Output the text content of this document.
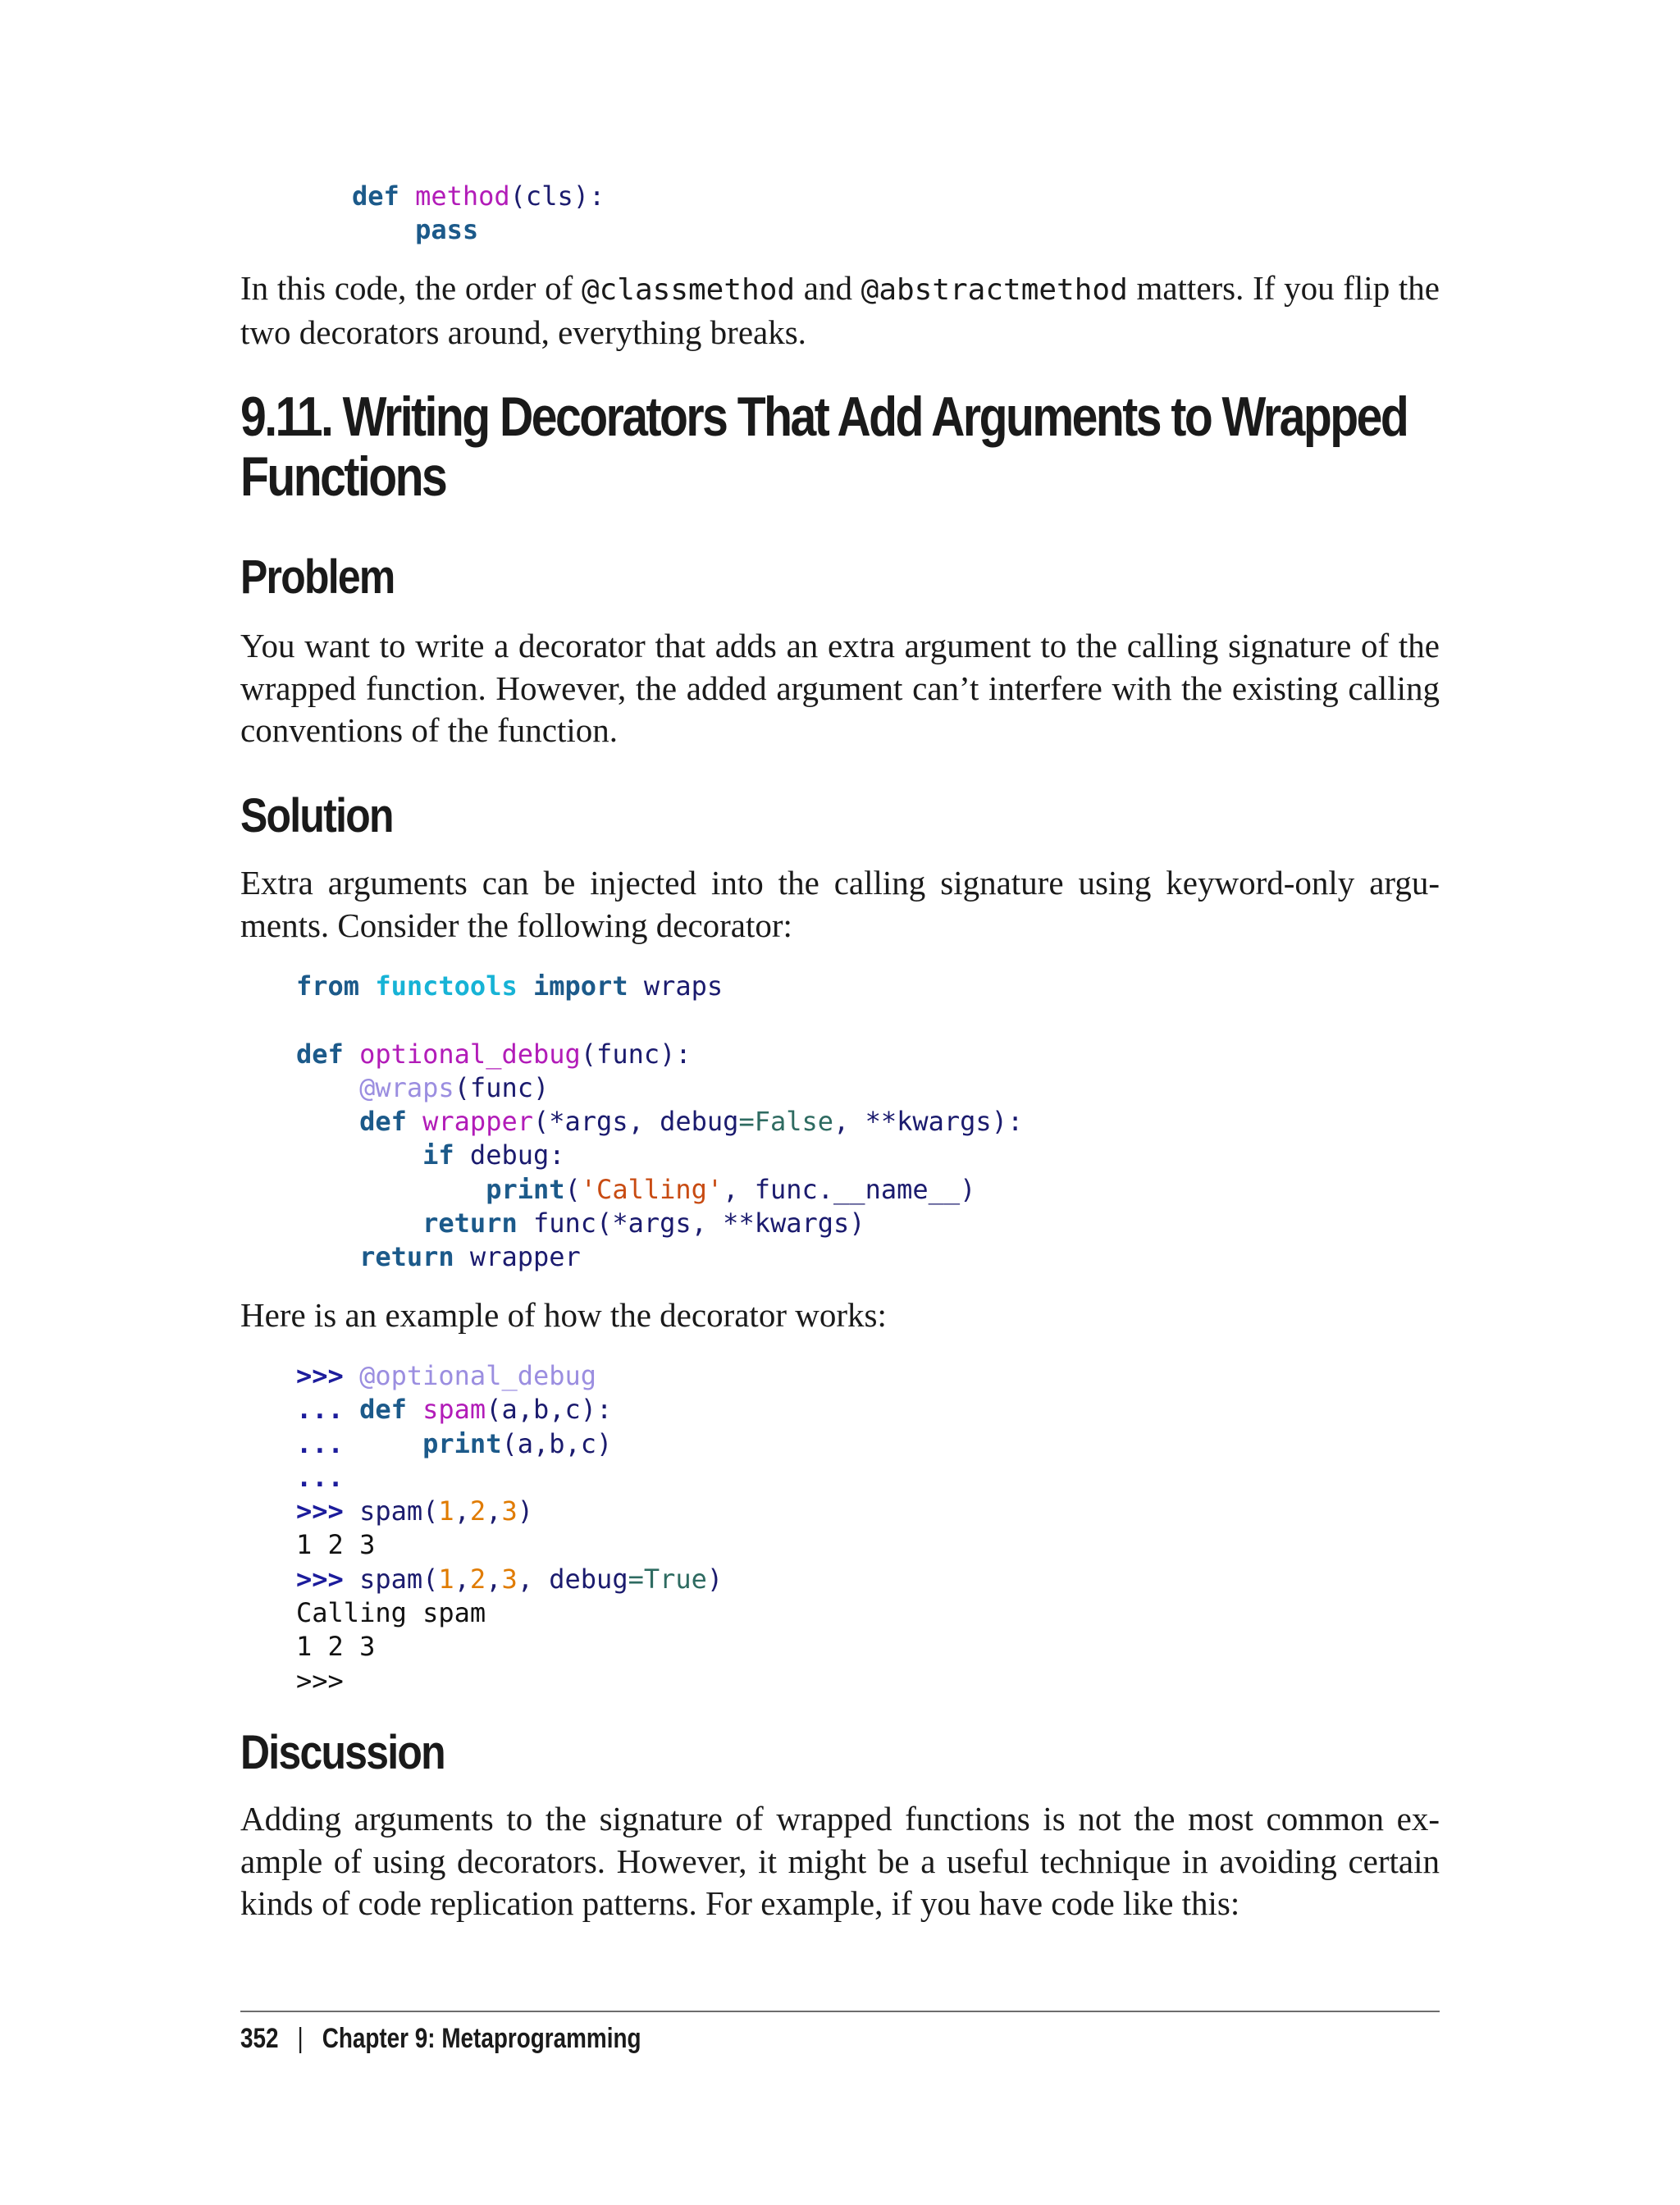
def method(cls):
pass

In this code, the order of @classmethod and @abstractmethod matters. If you flip the two decorators around, everything breaks.

9.11. Writing Decorators That Add Arguments to Wrapped Functions
Problem

You want to write a decorator that adds an extra argument to the calling signature of the wrapped function. However, the added argument can’t interfere with the existing calling conventions of the function.

Solution

Extra arguments can be injected into the calling signature using keyword-only arguments. Consider the following decorator:

from functools import wraps

def optional_debug(func):
@wraps(func)
def wrapper(*args, debug=False, **kwargs):
if debug:
print('Calling', func.__name__)
return func(*args, **kwargs)
return wrapper

Here is an example of how the decorator works:

>>> @optional_debug
... def spam(a,b,c):
...	print(a,b,c)
...
>>> spam(1,2,3)
1 2 3
>>> spam(1,2,3, debug=True)
Calling spam
1 2 3
>>>
Discussion

Adding arguments to the signature of wrapped functions is not the most common example of using decorators. However, it might be a useful technique in avoiding certain kinds of code replication patterns. For example, if you have code like this:

352 | Chapter 9: Metaprogramming
